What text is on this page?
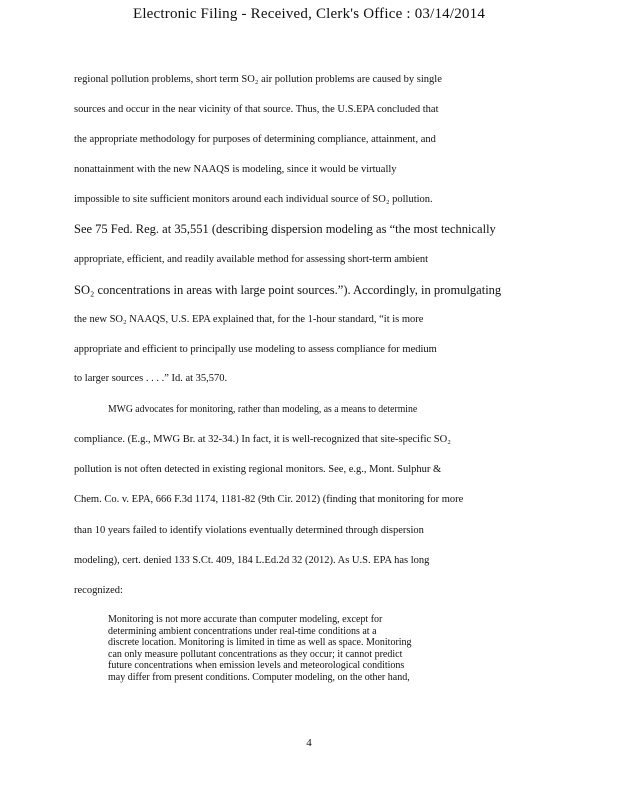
Electronic Filing - Received, Clerk's Office : 03/14/2014
regional pollution problems, short term SO₂ air pollution problems are caused by single
sources and occur in the near vicinity of that source. Thus, the U.S.EPA concluded that
the appropriate methodology for purposes of determining compliance, attainment, and
nonattainment with the new NAAQS is modeling, since it would be virtually
impossible to site sufficient monitors around each individual source of SO₂ pollution.
See 75 Fed. Reg. at 35,551 (describing dispersion modeling as “the most technically
appropriate, efficient, and readily available method for assessing short-term ambient
SO₂ concentrations in areas with large point sources.”). Accordingly, in promulgating
the new SO₂ NAAQS, U.S. EPA explained that, for the 1-hour standard, “it is more
appropriate and efficient to principally use modeling to assess compliance for medium
to larger sources . . . .” Id. at 35,570.
MWG advocates for monitoring, rather than modeling, as a means to determine
compliance. (E.g., MWG Br. at 32-34.) In fact, it is well-recognized that site-specific SO₂
pollution is not often detected in existing regional monitors. See, e.g., Mont. Sulphur &
Chem. Co. v. EPA, 666 F.3d 1174, 1181-82 (9th Cir. 2012) (finding that monitoring for more
than 10 years failed to identify violations eventually determined through dispersion
modeling), cert. denied 133 S.Ct. 409, 184 L.Ed.2d 32 (2012). As U.S. EPA has long
recognized:
Monitoring is not more accurate than computer modeling, except for
determining ambient concentrations under real-time conditions at a
discrete location. Monitoring is limited in time as well as space. Monitoring
can only measure pollutant concentrations as they occur; it cannot predict
future concentrations when emission levels and meteorological conditions
may differ from present conditions. Computer modeling, on the other hand,
4
